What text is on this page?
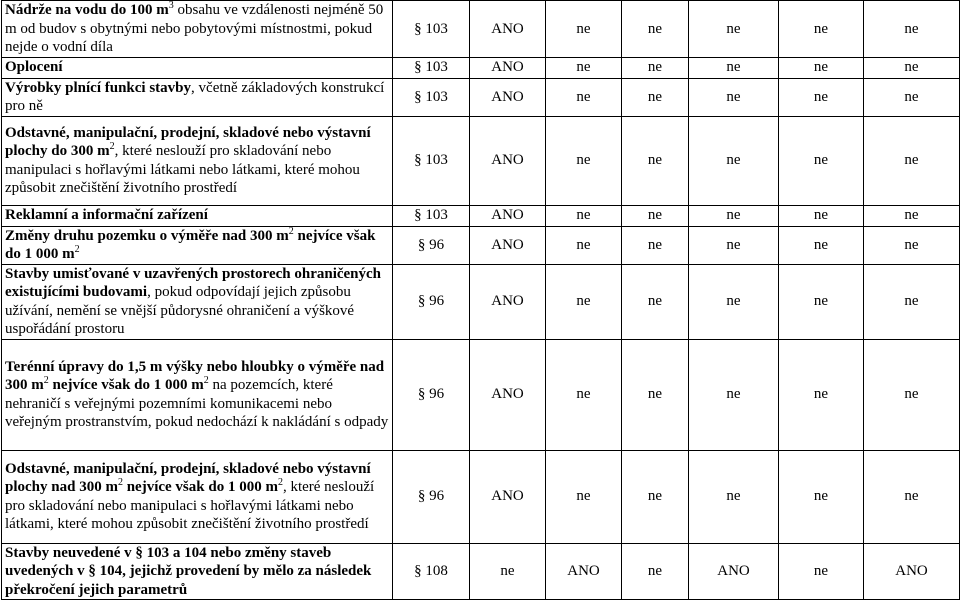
Nádrže na vodu do 100 $m^3$ obsahu ve vzdálenosti nejméně 50 m od budov s obytnými nebo pobytovými místnostmi, pokud nejde o vodní díla	§ 103	ANO	ne	ne	ne	ne	ne
Oplocení	§ 103	ANO	ne	ne	ne	ne	ne
Výrobky plnící funkci stavby, včetně základových konstrukcí pro ně	§ 103	ANO	ne	ne	ne	ne	ne
Odstavné, manipulační, prodejní, skladové nebo výstavní plochy do 300 $m^2$, které neslouží pro skladování nebo manipulaci s hořlavými látkami nebo látkami, které mohou způsobit znečištění životního prostředí	§ 103	ANO	ne	ne	ne	ne	ne
Reklamní a informační zařízení	§ 103	ANO	ne	ne	ne	ne	ne
Změny druhu pozemku o výměře nad 300 $m^2$ nejvíce však do 1 000 $m^2$	§ 96	ANO	ne	ne	ne	ne	ne
Stavby umisťované v uzavřených prostorech ohraničených existujícími budovami, pokud odpovídají jejich způsobu užívání, nemění se vnější půdorysné ohraničení a výškové uspořádání prostoru	§ 96	ANO	ne	ne	ne	ne	ne
Terénní úpravy do 1,5 m výšky nebo hloubky o výměře nad 300 $m^2$ nejvíce však do 1 000 $m^2$ na pozemcích, které nehraničí s veřejnými pozemními komunikacemi nebo veřejným prostranstvím, pokud nedochází k nakládání s odpady	§ 96	ANO	ne	ne	ne	ne	ne
Odstavné, manipulační, prodejní, skladové nebo výstavní plochy nad 300 $m^2$ nejvíce však do 1 000 $m^2$, které neslouží pro skladování nebo manipulaci s hořlavými látkami nebo látkami, které mohou způsobit znečištění životního prostředí	§ 96	ANO	ne	ne	ne	ne	ne
Stavby neuvedené v § 103 a 104 nebo změny staveb uvedených v § 104, jejichž provedení by mělo za následek překročení jejich parametrů	§ 108	ne	ANO	ne	ANO	ne	ANO
